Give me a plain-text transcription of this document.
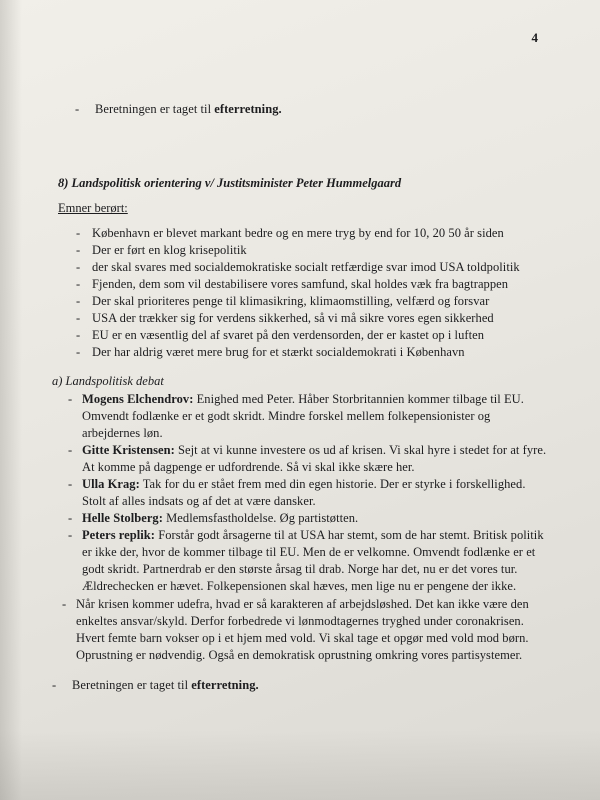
4
- Beretningen er taget til efterretning.
8) Landspolitisk orientering v/ Justitsminister Peter Hummelgaard
Emner berørt:
- København er blevet markant bedre og en mere tryg by end for 10, 20 50 år siden
- Der er ført en klog krisepolitik
- der skal svares med socialdemokratiske socialt retfærdige svar imod USA toldpolitik
- Fjenden, dem som vil destabilisere vores samfund, skal holdes væk fra bagtrappen
- Der skal prioriteres penge til klimasikring, klimaomstilling, velfærd og forsvar
- USA der trækker sig for verdens sikkerhed, så vi må sikre vores egen sikkerhed
- EU er en væsentlig del af svaret på den verdensorden, der er kastet op i luften
- Der har aldrig været mere brug for et stærkt socialdemokrati i København
a) Landspolitisk debat
- Mogens Elchendrov: Enighed med Peter. Håber Storbritannien kommer tilbage til EU.
Omvendt fodlænke er et godt skridt. Mindre forskel mellem folkepensionister og
arbejdernes løn.
- Gitte Kristensen: Sejt at vi kunne investere os ud af krisen. Vi skal hyre i stedet for at fyre.
At komme på dagpenge er udfordrende. Så vi skal ikke skære her.
- Ulla Krag: Tak for du er stået frem med din egen historie. Der er styrke i forskellighed.
Stolt af alles indsats og af det at være dansker.
- Helle Stolberg: Medlemsfastholdelse. Øg partistøtten.
- Peters replik: Forstår godt årsagerne til at USA har stemt, som de har stemt. Britisk politik
er ikke der, hvor de kommer tilbage til EU. Men de er velkomne. Omvendt fodlænke er et
godt skridt. Partnerdrab er den største årsag til drab. Norge har det, nu er det vores tur.
Ældrechecken er hævet. Folkepensionen skal hæves, men lige nu er pengene der ikke.
- Når krisen kommer udefra, hvad er så karakteren af arbejdsløshed. Det kan ikke være den
enkeltes ansvar/skyld. Derfor forbedrede vi lønmodtagernes tryghed under coronakrisen.
Hvert femte barn vokser op i et hjem med vold. Vi skal tage et opgør med vold mod børn.
Oprustning er nødvendig. Også en demokratisk oprustning omkring vores partisystemer.
- Beretningen er taget til efterretning.
